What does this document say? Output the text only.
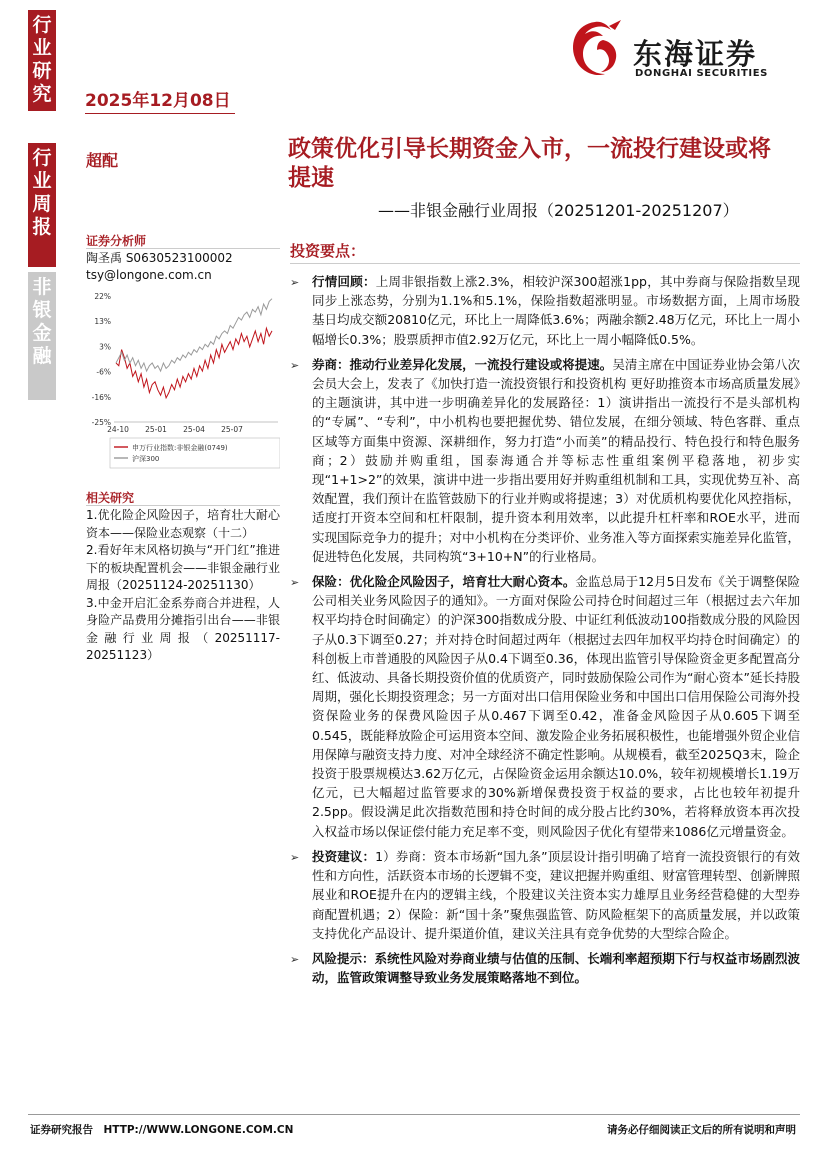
行
业
研
究
行
业
周
报
非
银
金
融
2025年12月08日
超配
东海证券
DONGHAI SECURITIES
政策优化引导长期资金入市，一流投行建设或将提速
——非银金融行业周报（20251201-20251207）
证券分析师
陶圣禹 S0630523100002
tsy@longone.com.cn
22%
13%
3%
-6%
-16%
-25%
24-10 25-01 25-04 25-07
申万行业指数:非银金融(0749)
沪深300
相关研究

1.优化险企风险因子，培育壮大耐心资本——保险业态观察（十二）

2.看好年末风格切换与“开门红”推进下的板块配置机会——非银金融行业周报（20251124-20251130）

3.中金开启汇金系券商合并进程，人身险产品费用分摊指引出台——非银金融行业周报（20251117-20251123）

投资要点：
➢ 行情回顾：上周非银指数上涨2.3%，相较沪深300超涨1pp，其中券商与保险指数呈现同步上涨态势，分别为1.1%和5.1%，保险指数超涨明显。市场数据方面，上周市场股基日均成交额20810亿元，环比上一周降低3.6%；两融余额2.48万亿元，环比上一周小幅增长0.3%；股票质押市值2.92万亿元，环比上一周小幅降低0.5%。
➢ 券商：推动行业差异化发展，一流投行建设或将提速。吴清主席在中国证券业协会第八次会员大会上，发表了《加快打造一流投资银行和投资机构 更好助推资本市场高质量发展》的主题演讲，其中进一步明确差异化的发展路径：1）演讲指出一流投行不是头部机构的“专属”、“专利”，中小机构也要把握优势、错位发展，在细分领域、特色客群、重点区域等方面集中资源、深耕细作，努力打造“小而美”的精品投行、特色投行和特色服务商；2）鼓励并购重组，国泰海通合并等标志性重组案例平稳落地，初步实现“1+1>2”的效果，演讲中进一步指出要用好并购重组机制和工具，实现优势互补、高效配置，我们预计在监管鼓励下的行业并购或将提速；3）对优质机构要优化风控指标，适度打开资本空间和杠杆限制，提升资本利用效率，以此提升杠杆率和ROE水平，进而实现国际竞争力的提升；对中小机构在分类评价、业务准入等方面探索实施差异化监管，促进特色化发展，共同构筑“3+10+N”的行业格局。
➢ 保险：优化险企风险因子，培育壮大耐心资本。金监总局于12月5日发布《关于调整保险公司相关业务风险因子的通知》。一方面对保险公司持仓时间超过三年（根据过去六年加权平均持仓时间确定）的沪深300指数成分股、中证红利低波动100指数成分股的风险因子从0.3下调至0.27；并对持仓时间超过两年（根据过去四年加权平均持仓时间确定）的科创板上市普通股的风险因子从0.4下调至0.36，体现出监管引导保险资金更多配置高分红、低波动、具备长期投资价值的优质资产，同时鼓励保险公司作为“耐心资本”延长持股周期，强化长期投资理念；另一方面对出口信用保险业务和中国出口信用保险公司海外投资保险业务的保费风险因子从0.467下调至0.42，准备金风险因子从0.605下调至0.545，既能释放险企可运用资本空间、激发险企业务拓展积极性，也能增强外贸企业信用保障与融资支持力度、对冲全球经济不确定性影响。从规模看，截至2025Q3末，险企投资于股票规模达3.62万亿元，占保险资金运用余额达10.0%，较年初规模增长1.19万亿元，已大幅超过监管要求的30%新增保费投资于权益的要求，占比也较年初提升2.5pp。假设满足此次指数范围和持仓时间的成分股占比约30%，若将释放资本再次投入权益市场以保证偿付能力充足率不变，则风险因子优化有望带来1086亿元增量资金。
➢ 投资建议：1）券商：资本市场新“国九条”顶层设计指引明确了培育一流投资银行的有效性和方向性，活跃资本市场的长逻辑不变，建议把握并购重组、财富管理转型、创新牌照展业和ROE提升在内的逻辑主线，个股建议关注资本实力雄厚且业务经营稳健的大型券商配置机遇；2）保险：新“国十条”聚焦强监管、防风险框架下的高质量发展，并以政策支持优化产品设计、提升渠道价值，建议关注具有竞争优势的大型综合险企。
➢ 风险提示：系统性风险对券商业绩与估值的压制、长端利率超预期下行与权益市场剧烈波动，监管政策调整导致业务发展策略落地不到位。
证券研究报告　HTTP://WWW.LONGONE.COM.CN	请务必仔细阅读正文后的所有说明和声明
